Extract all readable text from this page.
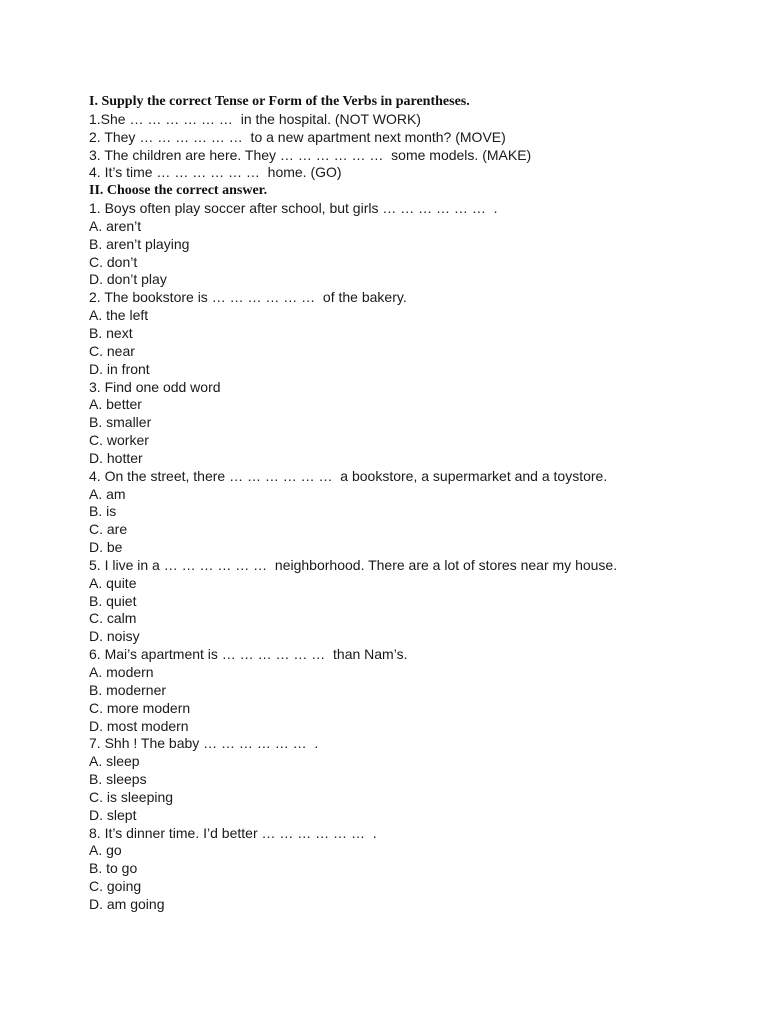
I. Supply the correct Tense or Form of the Verbs in parentheses.
1.She … … … … … …  in the hospital. (NOT WORK)
2. They … … … … … …  to a new apartment next month? (MOVE)
3. The children are here. They … … … … … …  some models. (MAKE)
4. It’s time … … … … … …  home. (GO)
II. Choose the correct answer.
1. Boys often play soccer after school, but girls … … … … … …  .
A. aren’t
B. aren’t playing
C. don’t
D. don’t play
2. The bookstore is … … … … … …  of the bakery.
A. the left
B. next
C. near
D. in front
3. Find one odd word
A. better
B. smaller
C. worker
D. hotter
4. On the street, there … … … … … …  a bookstore, a supermarket and a toystore.
A. am
B. is
C. are
D. be
5. I live in a … … … … … …  neighborhood. There are a lot of stores near my house.
A. quite
B. quiet
C. calm
D. noisy
6. Mai’s apartment is … … … … … …  than Nam’s.
A. modern
B. moderner
C. more modern
D. most modern
7. Shh ! The baby … … … … … …  .
A. sleep
B. sleeps
C. is sleeping
D. slept
8. It’s dinner time. I’d better … … … … … …  .
A. go
B. to go
C. going
D. am going
